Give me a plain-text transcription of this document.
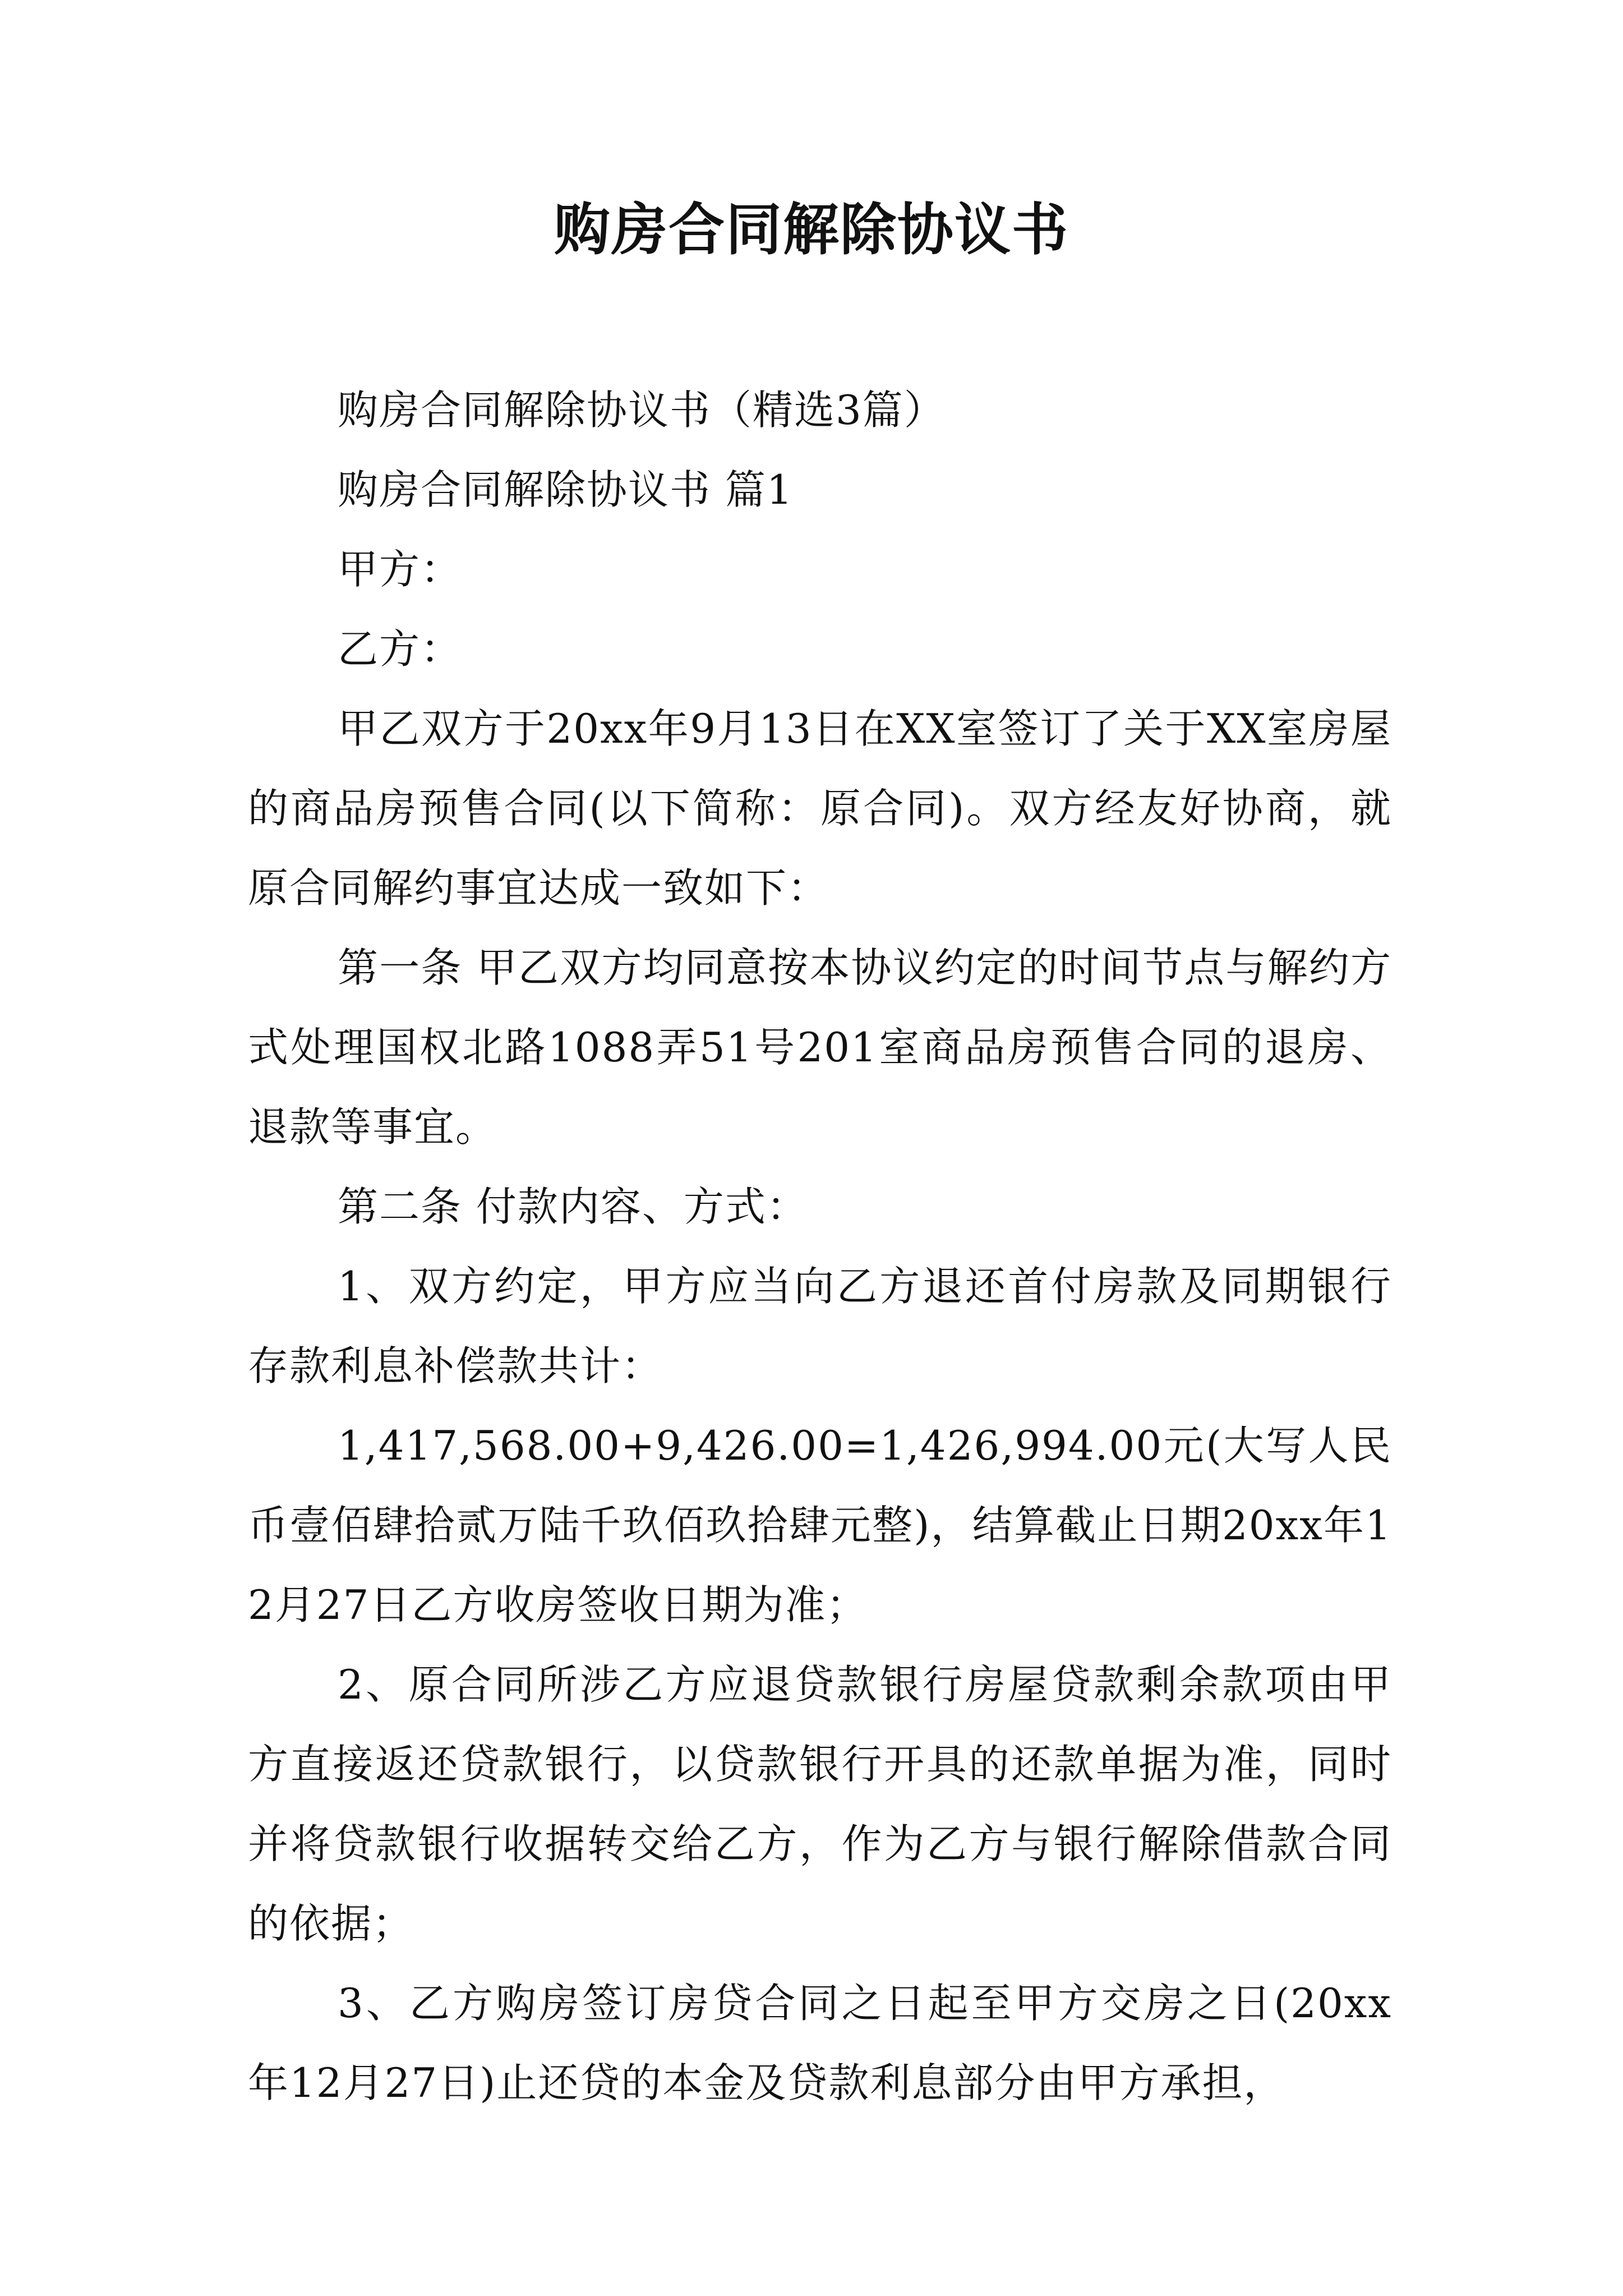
购房合同解除协议书

购房合同解除协议书（精选3篇）

购房合同解除协议书 篇1

甲方：

乙方：

甲乙双方于20xx年9月13日在XX室签订了关于XX室房屋的商品房预售合同(以下简称：原合同)。双方经友好协商，就原合同解约事宜达成一致如下：

第一条 甲乙双方均同意按本协议约定的时间节点与解约方式处理国权北路1088弄51号201室商品房预售合同的退房、退款等事宜。

第二条 付款内容、方式：

1、双方约定，甲方应当向乙方退还首付房款及同期银行存款利息补偿款共计：

1,417,568.00+9,426.00=1,426,994.00元(大写人民币壹佰肆拾贰万陆千玖佰玖拾肆元整)，结算截止日期20xx年12月27日乙方收房签收日期为准；

2、原合同所涉乙方应退贷款银行房屋贷款剩余款项由甲方直接返还贷款银行，以贷款银行开具的还款单据为准，同时并将贷款银行收据转交给乙方，作为乙方与银行解除借款合同的依据；

3、乙方购房签订房贷合同之日起至甲方交房之日(20xx年12月27日)止还贷的本金及贷款利息部分由甲方承担，
